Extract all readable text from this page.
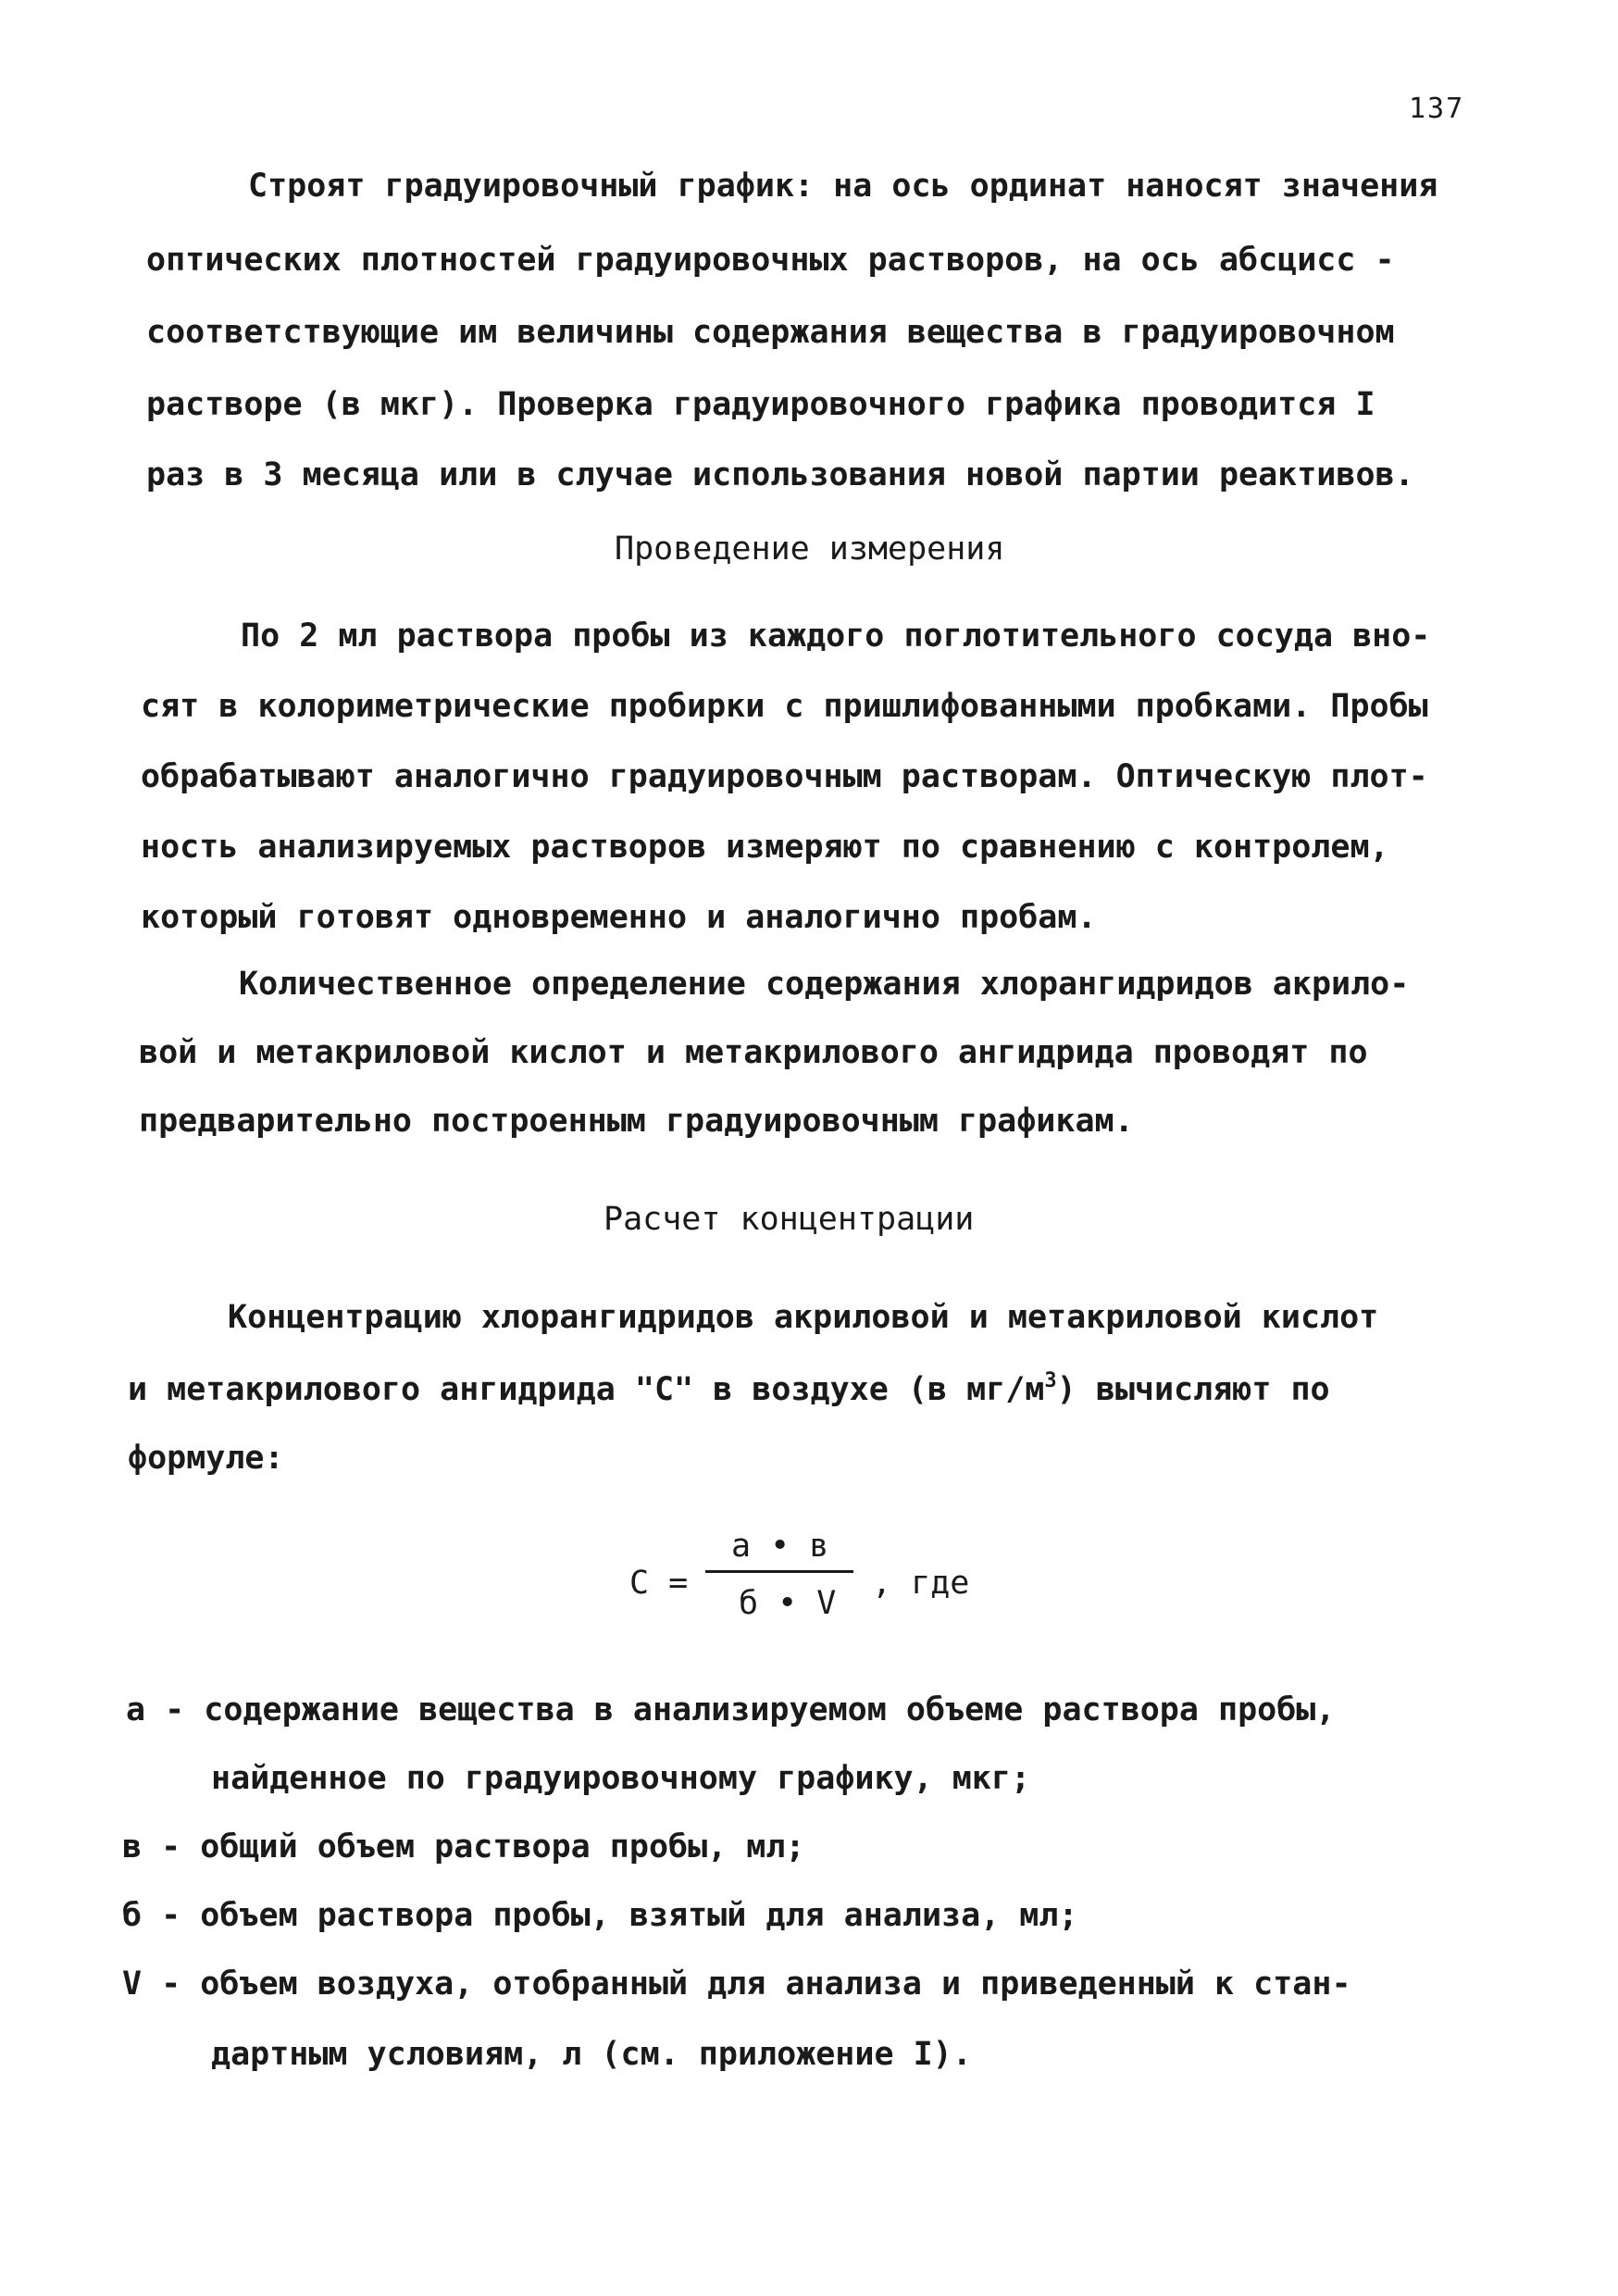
137
Строят градуировочный график: на ось ординат наносят значения
оптических плотностей градуировочных растворов, на ось абсцисс -
соответствующие им величины содержания вещества в градуировочном
растворе (в мкг). Проверка градуировочного графика проводится I
раз в 3 месяца или в случае использования новой партии реактивов.
Проведение измерения
По 2 мл раствора пробы из каждого поглотительного сосуда вно-
сят в колориметрические пробирки с пришлифованными пробками. Пробы
обрабатывают аналогично градуировочным растворам. Оптическую плот-
ность анализируемых растворов измеряют по сравнению с контролем,
который готовят одновременно и аналогично пробам.
Количественное определение содержания хлорангидридов акрило-
вой и метакриловой кислот и метакрилового ангидрида проводят по
предварительно построенным градуировочным графикам.
Расчет концентрации
Концентрацию хлорангидридов акриловой и метакриловой кислот
и метакрилового ангидрида "С" в воздухе (в $мг/м^3$) вычисляют по
формуле:
С =
а • в
б • V
, где
а - содержание вещества в анализируемом объеме раствора пробы,
найденное по градуировочному графику, мкг;
в - общий объем раствора пробы, мл;
б - объем раствора пробы, взятый для анализа, мл;
V - объем воздуха, отобранный для анализа и приведенный к стан-
дартным условиям, л (см. приложение I).
